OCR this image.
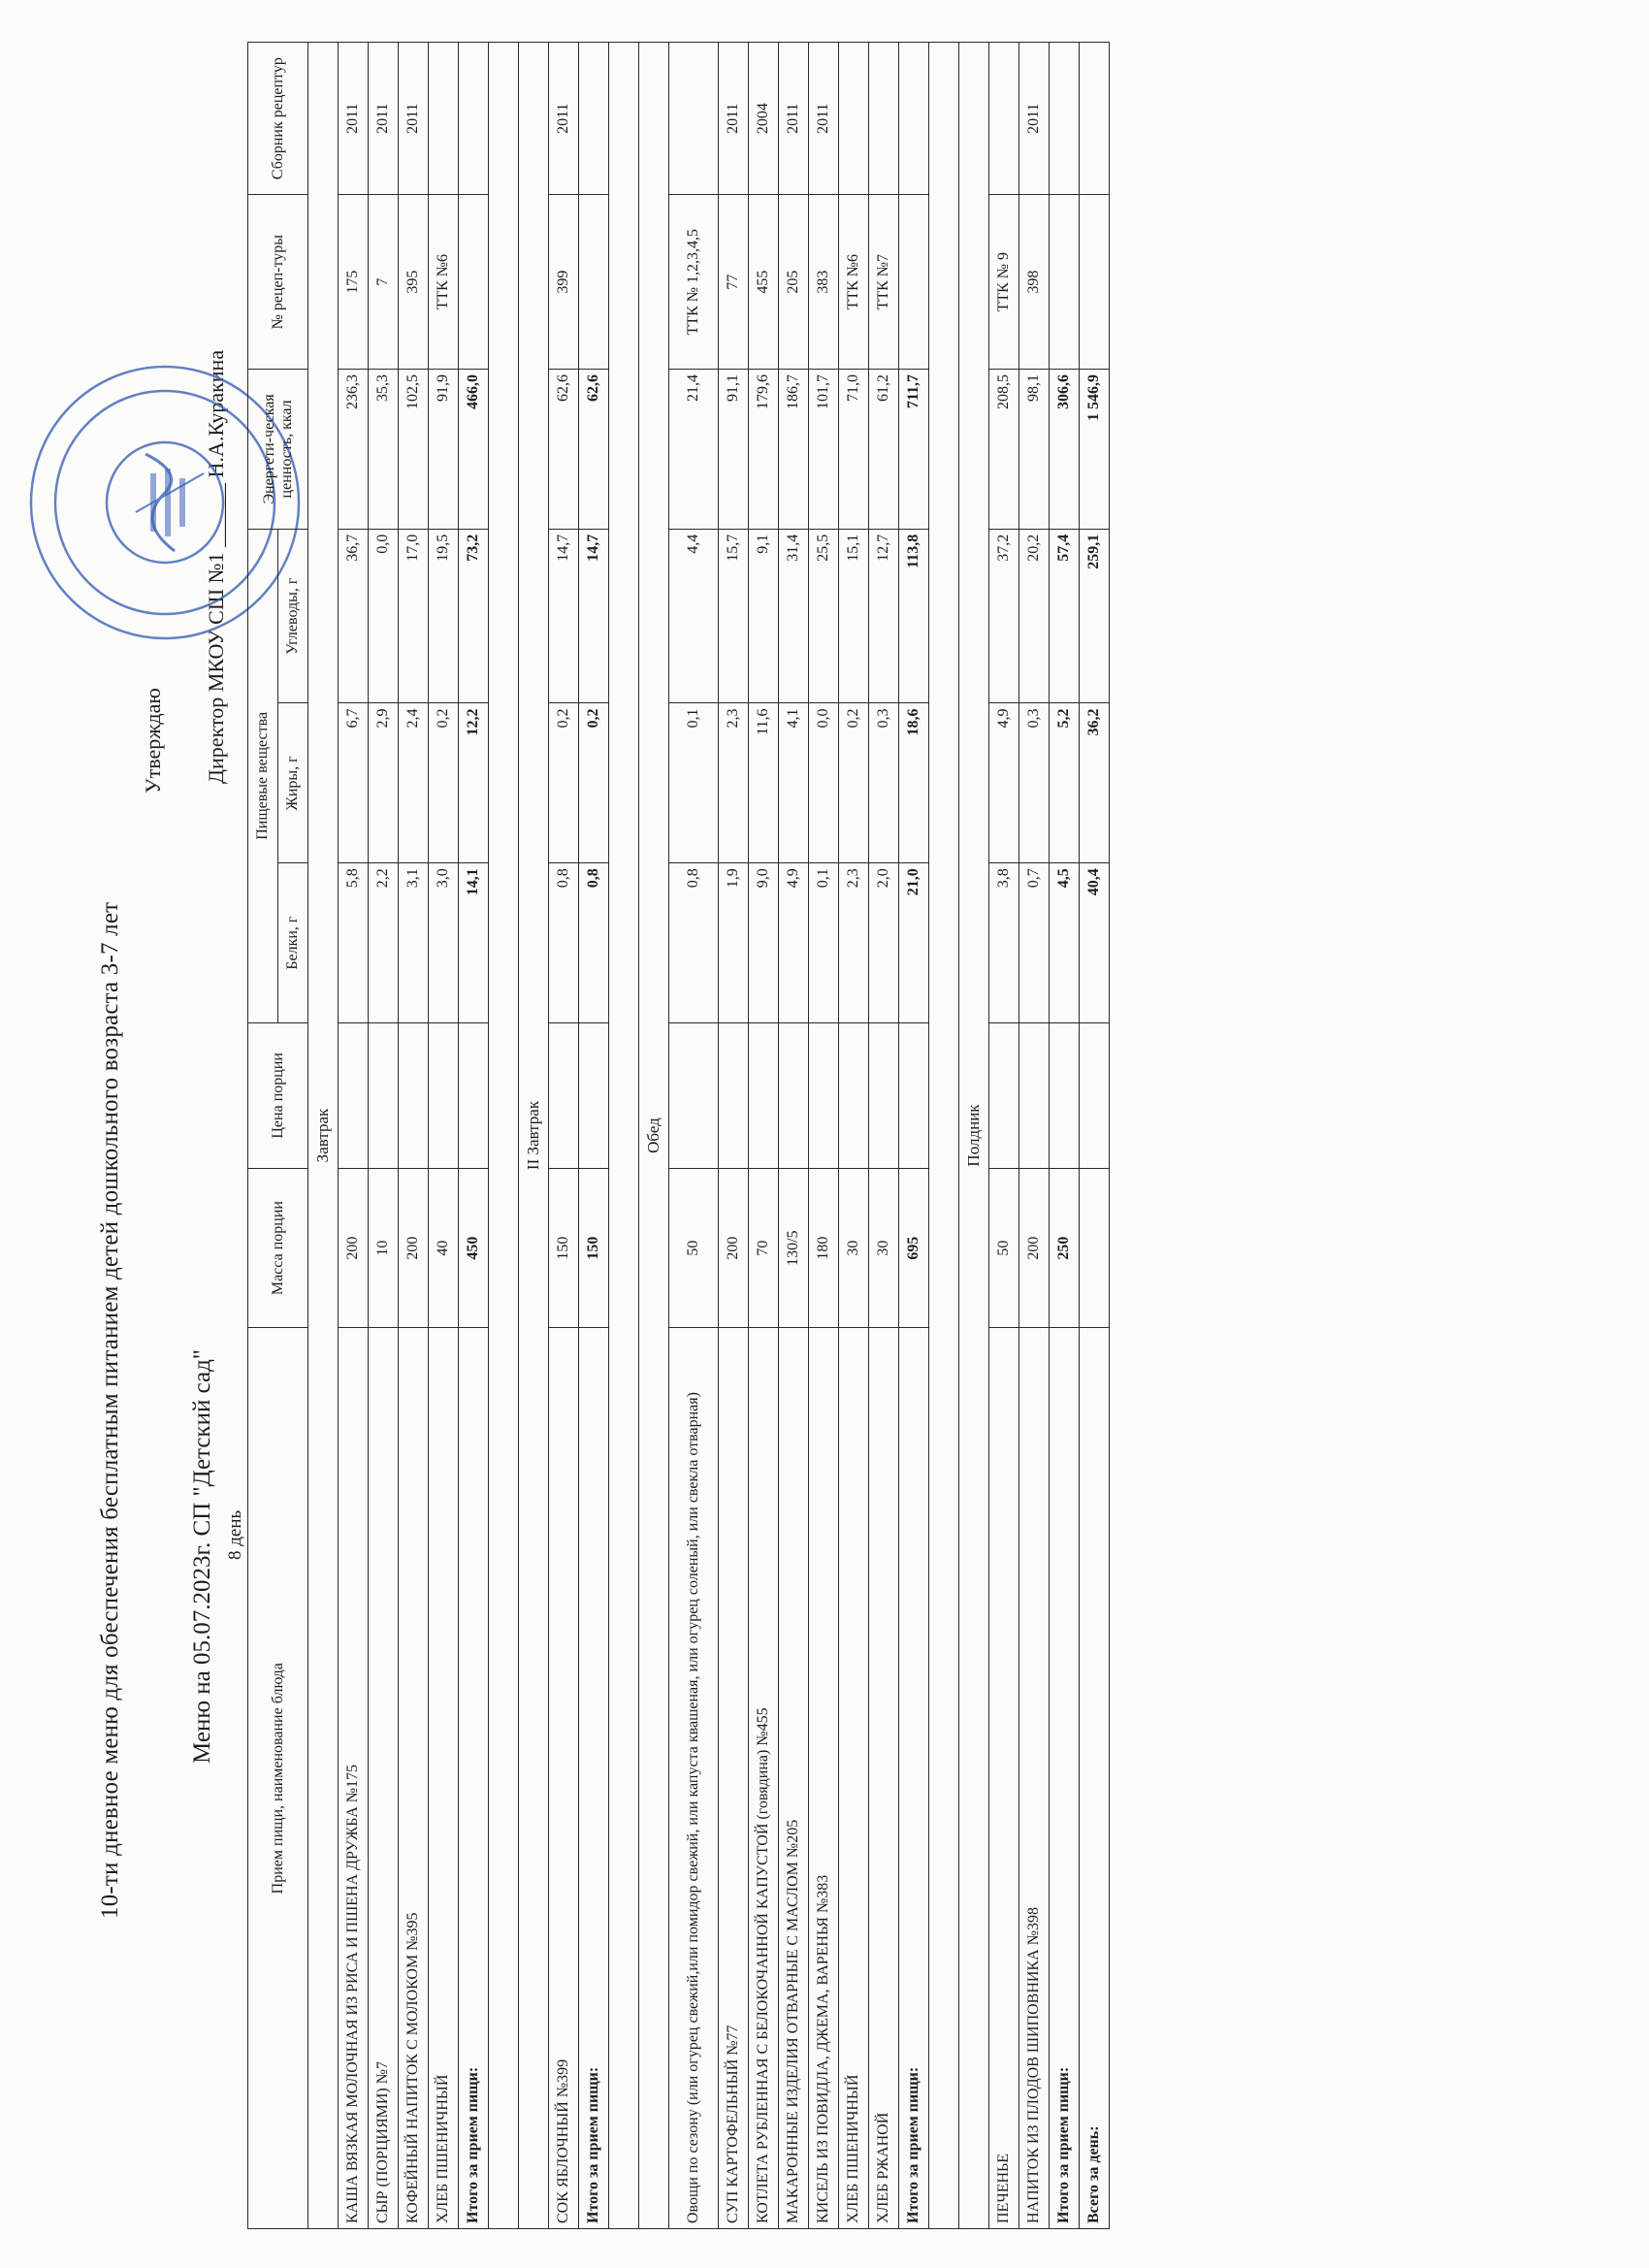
10-ти дневное меню для обеспечения бесплатным питанием детей дошкольного возраста 3-7 лет
Утверждаю
Меню на 05.07.2023г. СП "Детский сад"
Директор МКОУ СШ №1 ______ Н.А.Куракина
8 день
Прием пищи, наименование блюда	Масса порции	Цена порции	Пищевые вещества			Энергети-ческая ценность, ккал	№ рецеп-туры	Сборник рецептур
			Белки, г	Жиры, г	Углеводы, г			
Завтрак								
КАША ВЯЗКАЯ МОЛОЧНАЯ ИЗ РИСА И ПШЕНА ДРУЖБА №175	200		5,8	6,7	36,7	236,3	175	2011
СЫР (ПОРЦИЯМИ) №7	10		2,2	2,9	0,0	35,3	7	2011
КОФЕЙНЫЙ НАПИТОК С МОЛОКОМ №395	200		3,1	2,4	17,0	102,5	395	2011
ХЛЕБ ПШЕНИЧНЫЙ	40		3,0	0,2	19,5	91,9	ТТК №6	
Итого за прием пищи:	450		14,1	12,2	73,2	466,0		

II Завтрак								
СОК ЯБЛОЧНЫЙ №399	150		0,8	0,2	14,7	62,6	399	2011
Итого за прием пищи:	150		0,8	0,2	14,7	62,6		

Обед								
Овощи по сезону (или огурец свежий,или помидор свежий, или капуста квашеная, или огурец соленый, или свекла отварная)	50		0,8	0,1	4,4	21,4	ТТК № 1,2,3,4,5	
СУП КАРТОФЕЛЬНЫЙ №77	200		1,9	2,3	15,7	91,1	77	2011
КОТЛЕТА РУБЛЕННАЯ С БЕЛОКОЧАННОЙ КАПУСТОЙ (говядина) №455	70		9,0	11,6	9,1	179,6	455	2004
МАКАРОННЫЕ ИЗДЕЛИЯ ОТВАРНЫЕ С МАСЛОМ №205	130/5		4,9	4,1	31,4	186,7	205	2011
КИСЕЛЬ ИЗ ПОВИДЛА, ДЖЕМА, ВАРЕНЬЯ №383	180		0,1	0,0	25,5	101,7	383	2011
ХЛЕБ ПШЕНИЧНЫЙ	30		2,3	0,2	15,1	71,0	ТТК №6	
ХЛЕБ РЖАНОЙ	30		2,0	0,3	12,7	61,2	ТТК №7	
Итого за прием пищи:	695		21,0	18,6	113,8	711,7		

Полдник								
ПЕЧЕНЬЕ	50		3,8	4,9	37,2	208,5	ТТК № 9	
НАПИТОК ИЗ ПЛОДОВ ШИПОВНИКА №398	200		0,7	0,3	20,2	98,1	398	2011
Итого за прием пищи:	250		4,5	5,2	57,4	306,6		
Всего за день:			40,4	36,2	259,1	1 546,9		
